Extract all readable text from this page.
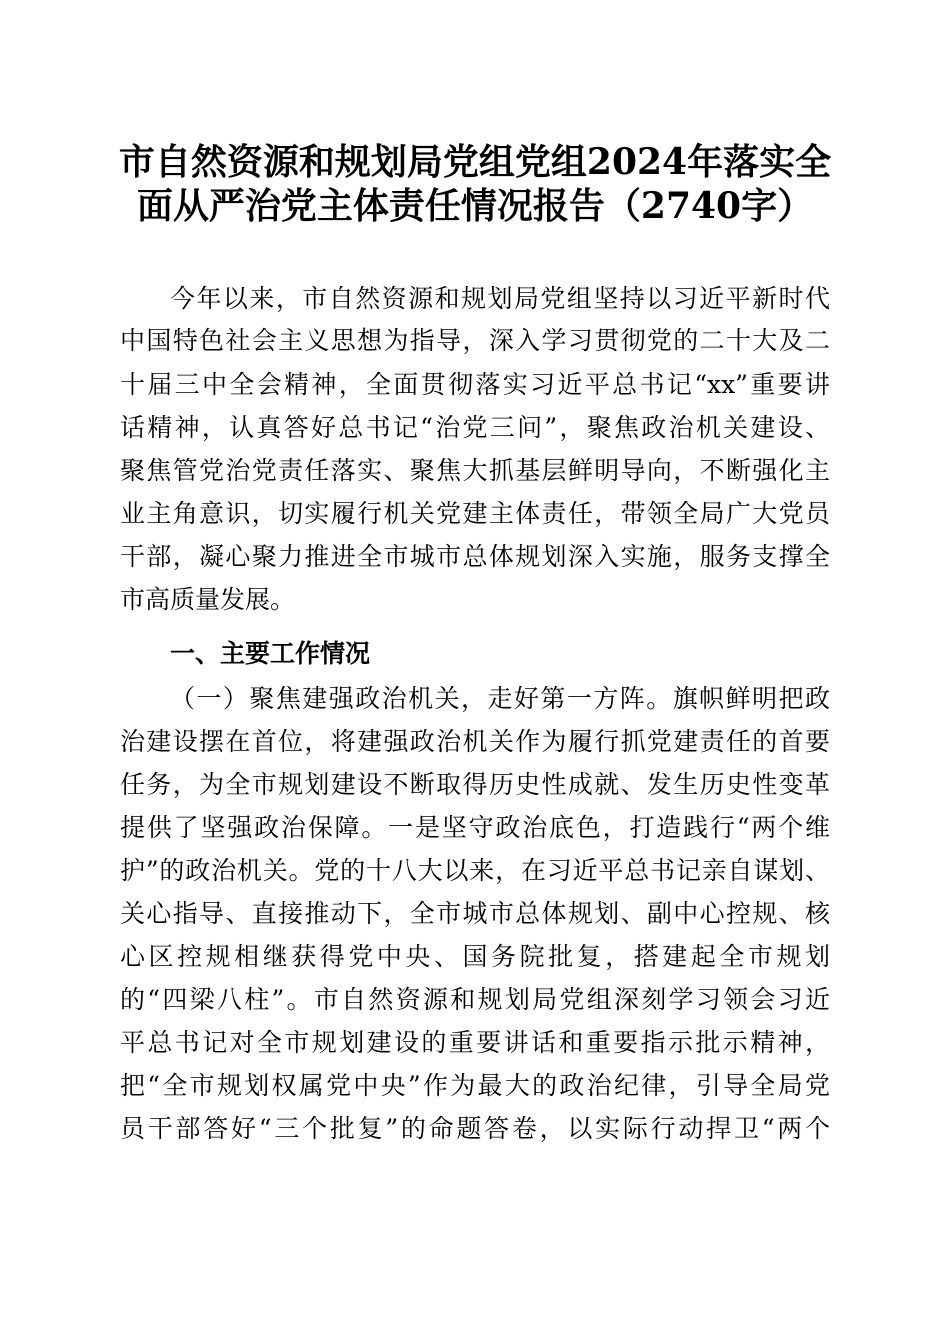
市自然资源和规划局党组党组2024年落实全
面从严治党主体责任情况报告（2740字）
今年以来，市自然资源和规划局党组坚持以习近平新时代
中国特色社会主义思想为指导，深入学习贯彻党的二十大及二
十届三中全会精神，全面贯彻落实习近平总书记“xx”重要讲
话精神，认真答好总书记“治党三问”，聚焦政治机关建设、
聚焦管党治党责任落实、聚焦大抓基层鲜明导向，不断强化主
业主角意识，切实履行机关党建主体责任，带领全局广大党员
干部，凝心聚力推进全市城市总体规划深入实施，服务支撑全
市高质量发展。
一、主要工作情况
（一）聚焦建强政治机关，走好第一方阵。旗帜鲜明把政
治建设摆在首位，将建强政治机关作为履行抓党建责任的首要
任务，为全市规划建设不断取得历史性成就、发生历史性变革
提供了坚强政治保障。一是坚守政治底色，打造践行“两个维
护”的政治机关。党的十八大以来，在习近平总书记亲自谋划、
关心指导、直接推动下，全市城市总体规划、副中心控规、核
心区控规相继获得党中央、国务院批复，搭建起全市规划
的“四梁八柱”。市自然资源和规划局党组深刻学习领会习近
平总书记对全市规划建设的重要讲话和重要指示批示精神，
把“全市规划权属党中央”作为最大的政治纪律，引导全局党
员干部答好“三个批复”的命题答卷，以实际行动捍卫“两个
